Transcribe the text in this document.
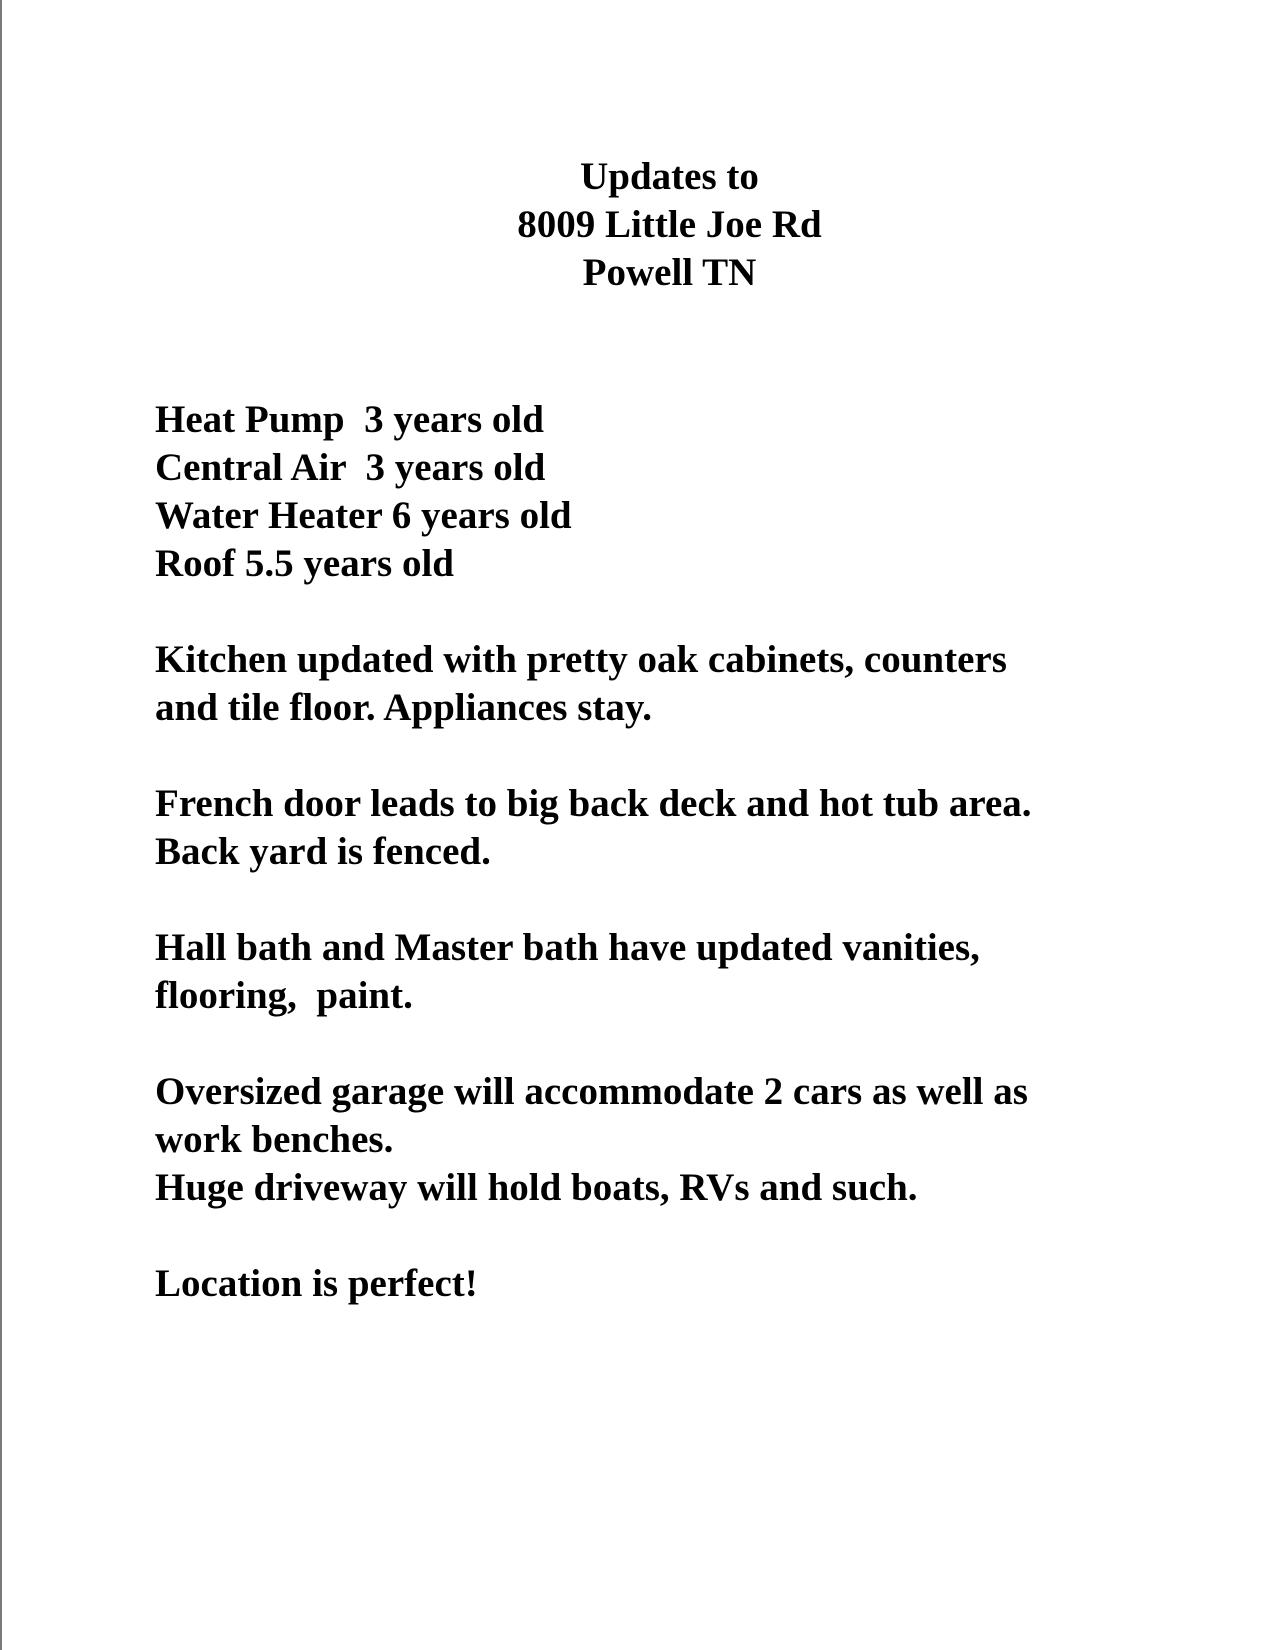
Updates to
8009 Little Joe Rd
Powell TN
Heat Pump  3 years old
Central Air  3 years old
Water Heater 6 years old
Roof 5.5 years old
Kitchen updated with pretty oak cabinets, counters
and tile floor. Appliances stay.
French door leads to big back deck and hot tub area.
Back yard is fenced.
Hall bath and Master bath have updated vanities,
flooring,  paint.
Oversized garage will accommodate 2 cars as well as
work benches.
Huge driveway will hold boats, RVs and such.
Location is perfect!
